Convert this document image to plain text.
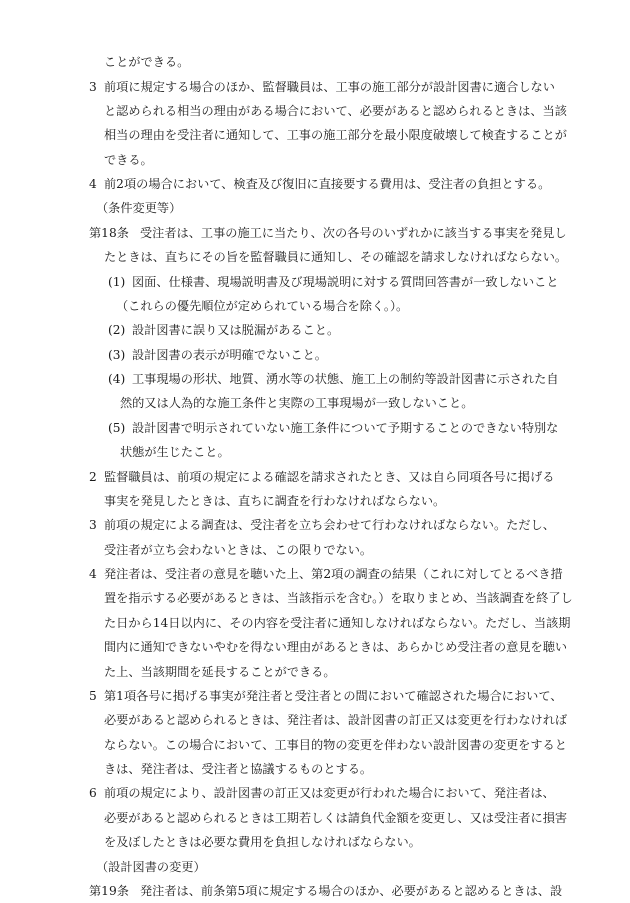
ことができる。
3 前項に規定する場合のほか、監督職員は、工事の施工部分が設計図書に適合しない
と認められる相当の理由がある場合において、必要があると認められるときは、当該
相当の理由を受注者に通知して、工事の施工部分を最小限度破壊して検査することが
できる。
4 前2項の場合において、検査及び復旧に直接要する費用は、受注者の負担とする。
（条件変更等）
第18条 受注者は、工事の施工に当たり、次の各号のいずれかに該当する事実を発見し
たときは、直ちにその旨を監督職員に通知し、その確認を請求しなければならない。
(1) 図面、仕様書、現場説明書及び現場説明に対する質問回答書が一致しないこと
（これらの優先順位が定められている場合を除く。）。
(2) 設計図書に誤り又は脱漏があること。
(3) 設計図書の表示が明確でないこと。
(4) 工事現場の形状、地質、湧水等の状態、施工上の制約等設計図書に示された自
然的又は人為的な施工条件と実際の工事現場が一致しないこと。
(5) 設計図書で明示されていない施工条件について予期することのできない特別な
状態が生じたこと。
2 監督職員は、前項の規定による確認を請求されたとき、又は自ら同項各号に掲げる
事実を発見したときは、直ちに調査を行わなければならない。
3 前項の規定による調査は、受注者を立ち会わせて行わなければならない。ただし、
受注者が立ち会わないときは、この限りでない。
4 発注者は、受注者の意見を聴いた上、第2項の調査の結果（これに対してとるべき措
置を指示する必要があるときは、当該指示を含む。）を取りまとめ、当該調査を終了し
た日から14日以内に、その内容を受注者に通知しなければならない。ただし、当該期
間内に通知できないやむを得ない理由があるときは、あらかじめ受注者の意見を聴い
た上、当該期間を延長することができる。
5 第1項各号に掲げる事実が発注者と受注者との間において確認された場合において、
必要があると認められるときは、発注者は、設計図書の訂正又は変更を行わなければ
ならない。この場合において、工事目的物の変更を伴わない設計図書の変更をすると
きは、発注者は、受注者と協議するものとする。
6 前項の規定により、設計図書の訂正又は変更が行われた場合において、発注者は、
必要があると認められるときは工期若しくは請負代金額を変更し、又は受注者に損害
を及ぼしたときは必要な費用を負担しなければならない。
（設計図書の変更）
第19条 発注者は、前条第5項に規定する場合のほか、必要があると認めるときは、設
